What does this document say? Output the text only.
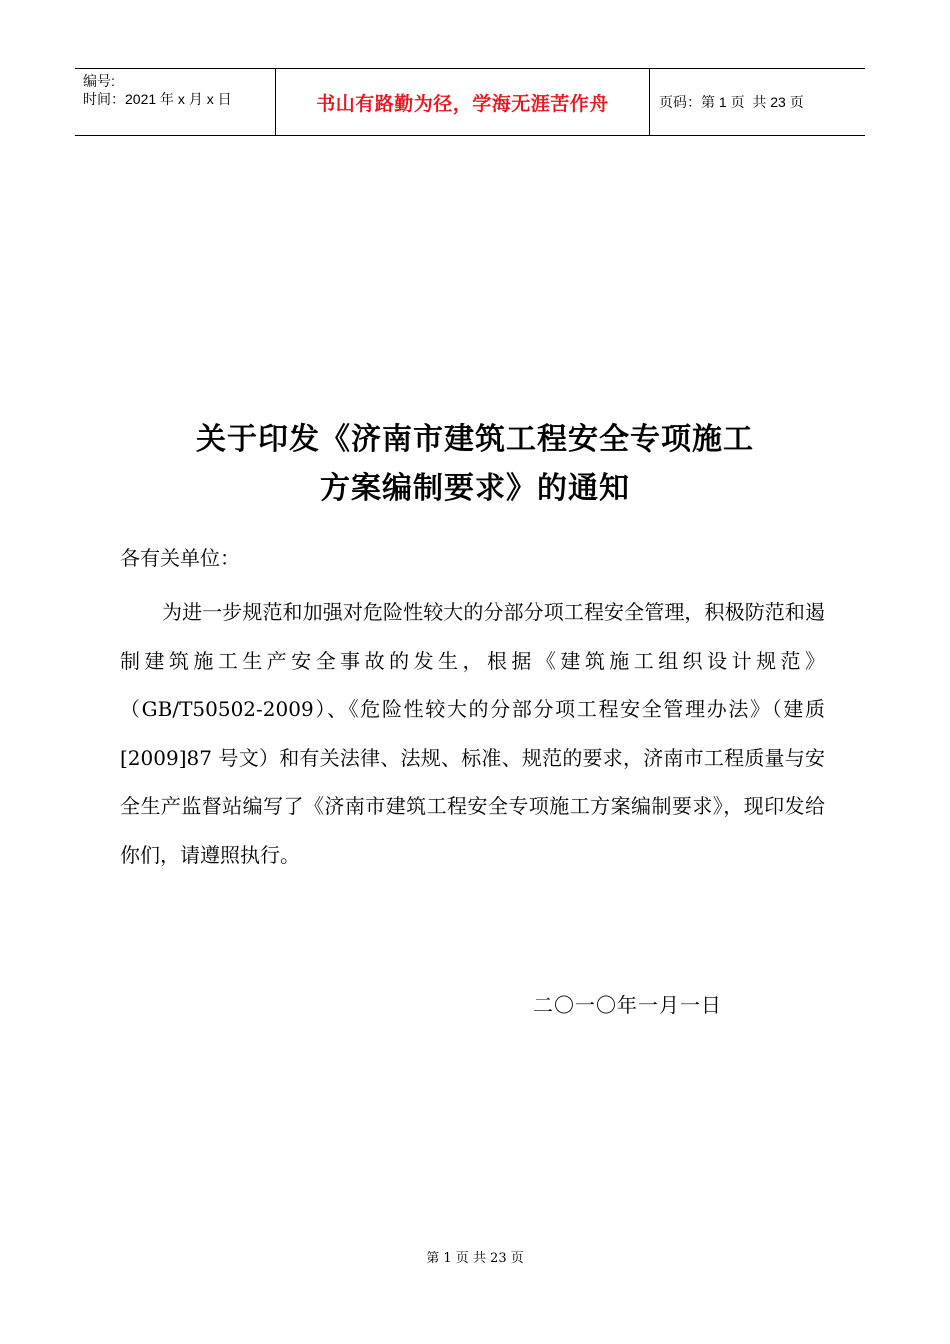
编号:
时间：2021 年 x 月 x 日	书山有路勤为径，学海无涯苦作舟	页码：第 1 页  共 23 页
关于印发《济南市建筑工程安全专项施工
方案编制要求》的通知
各有关单位：

为进一步规范和加强对危险性较大的分部分项工程安全管理，积极防范和遏制建筑施工生产安全事故的发生，根据《建筑施工组织设计规范》（GB/T50502-2009）、《危险性较大的分部分项工程安全管理办法》（建质[2009]87 号文）和有关法律、法规、标准、规范的要求，济南市工程质量与安全生产监督站编写了《济南市建筑工程安全专项施工方案编制要求》，现印发给你们，请遵照执行。

二〇一〇年一月一日
第 1 页 共 23 页
